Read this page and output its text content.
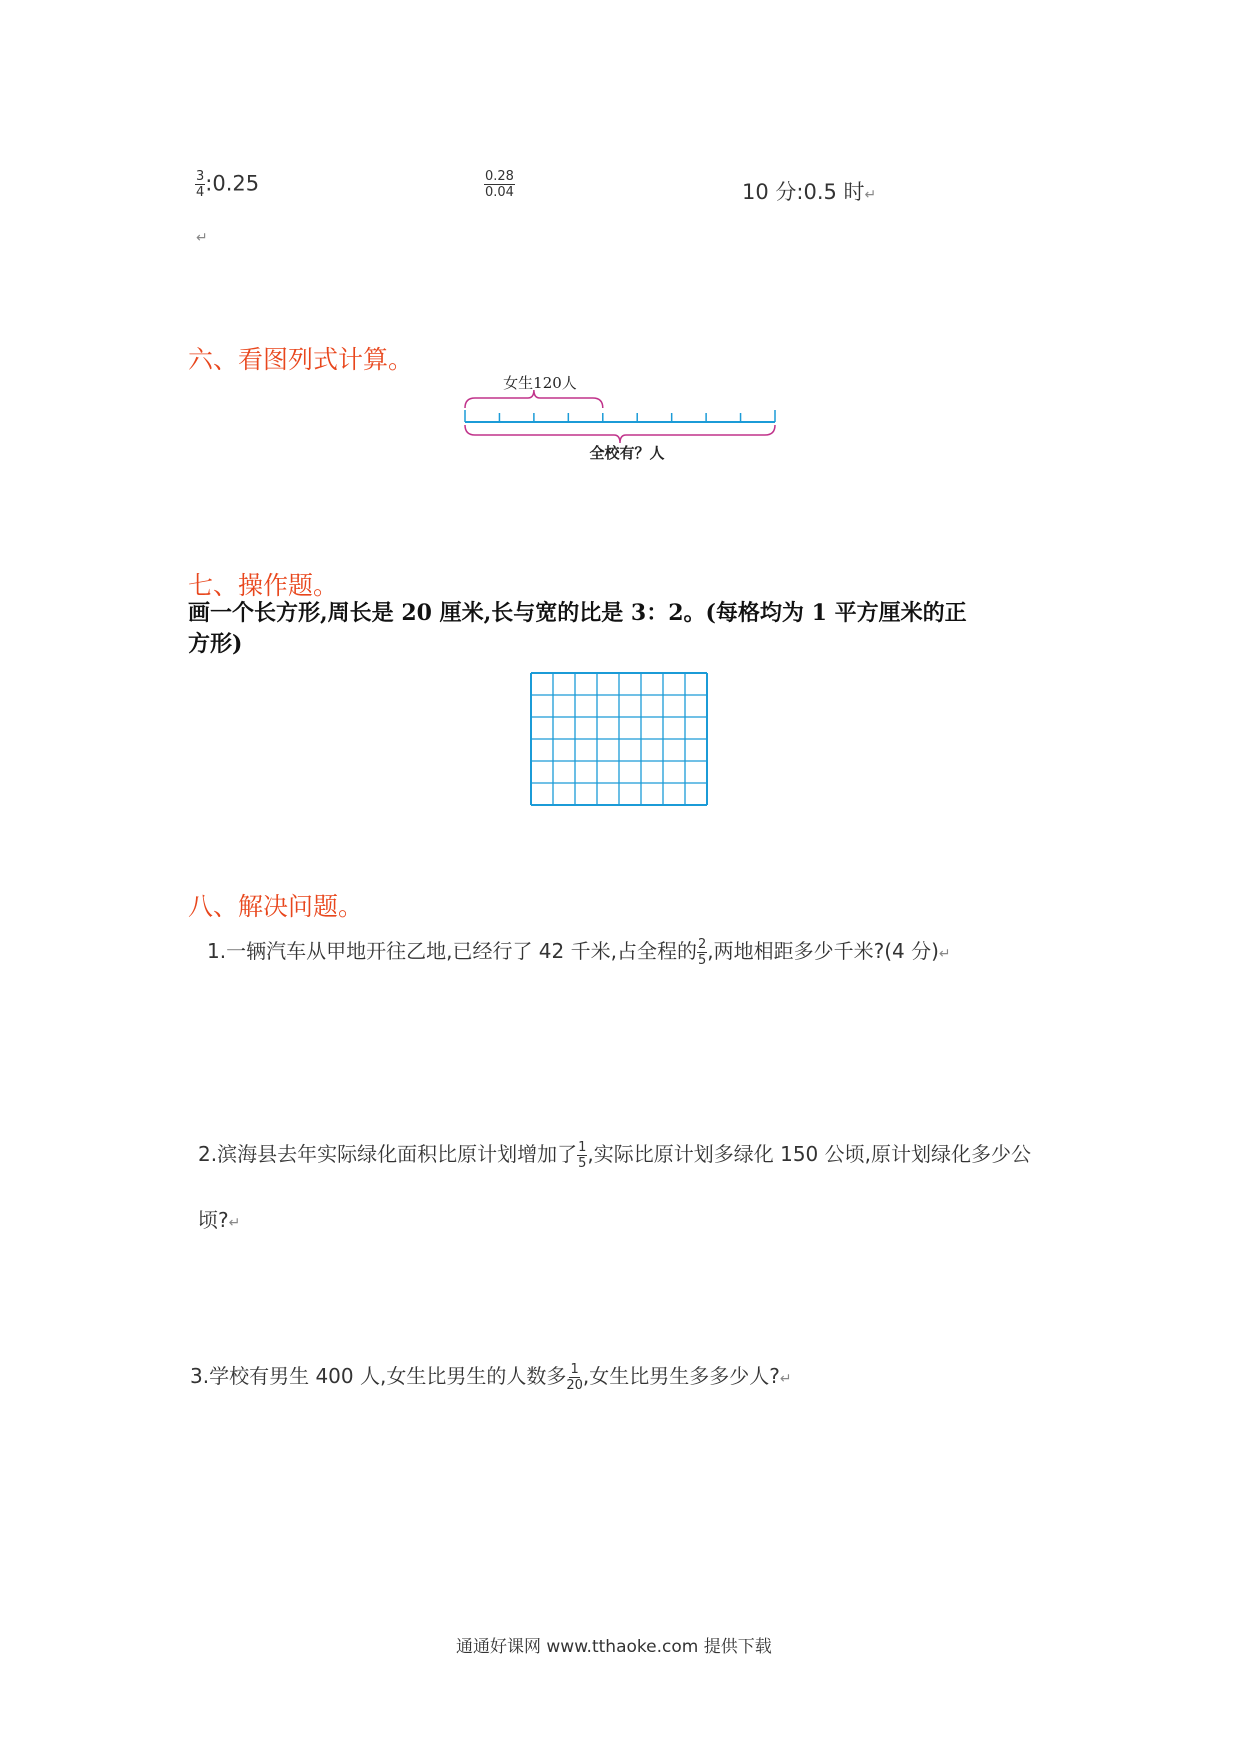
$\frac{3}{4}$ :0.25	$\frac{0.28}{0.04}$	10 分:0.5 时↵
↵
六、看图列式计算。
女生120人
全校有？人
七、操作题。
画一个长方形,周长是 20 厘米,长与宽的比是 3：2。(每格均为 1 平方厘米的正
方形)
八、解决问题。
1.一辆汽车从甲地开往乙地,已经行了 42 千米,占全程的 $\frac{2}{5}$ ,两地相距多少千米?(4 分)↵
2.滨海县去年实际绿化面积比原计划增加了 $\frac{1}{5}$ ,实际比原计划多绿化 150 公顷,原计划绿化多少公
顷?↵
3.学校有男生 400 人,女生比男生的人数多 $\frac{1}{20}$ ,女生比男生多多少人?↵
通通好课网 www.tthaoke.com 提供下载
